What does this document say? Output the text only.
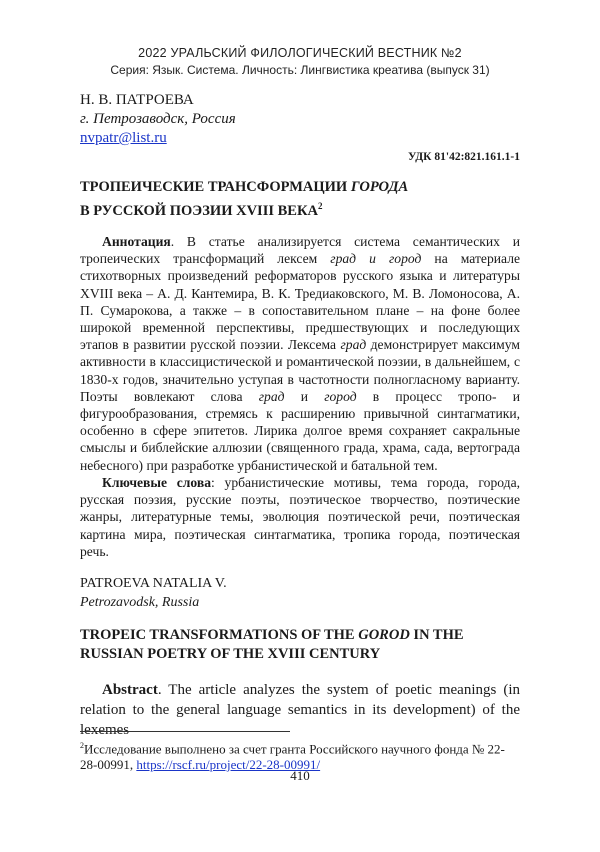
2022 УРАЛЬСКИЙ ФИЛОЛОГИЧЕСКИЙ ВЕСТНИК №2
Серия: Язык. Система. Личность: Лингвистика креатива (выпуск 31)
Н. В. ПАТРОЕВА
г. Петрозаводск, Россия
nvpatr@list.ru
УДК 81'42:821.161.1-1
ТРОПЕИЧЕСКИЕ ТРАНСФОРМАЦИИ ГОРОДА
В РУССКОЙ ПОЭЗИИ XVIII ВЕКА$^2$
Аннотация. В статье анализируется система семантических и тропеических трансформаций лексем град и город на материале стихотворных произведений реформаторов русского языка и литературы XVIII века – А. Д. Кантемира, В. К. Тредиаковского, М. В. Ломоносова, А. П. Сумарокова, а также – в сопоставительном плане – на фоне более широкой временной перспективы, предшествующих и последующих этапов в развитии русской поэзии. Лексема град демонстрирует максимум активности в классицистической и романтической поэзии, в дальнейшем, с 1830-х годов, значительно уступая в частотности полногласному варианту. Поэты вовлекают слова град и город в процесс тропо- и фигурообразования, стремясь к расширению привычной синтагматики, особенно в сфере эпитетов. Лирика долгое время сохраняет сакральные смыслы и библейские аллюзии (священного града, храма, сада, вертограда небесного) при разработке урбанистической и батальной тем.
Ключевые слова: урбанистические мотивы, тема города, города, русская поэзия, русские поэты, поэтическое творчество, поэтические жанры, литературные темы, эволюция поэтической речи, поэтическая картина мира, поэтическая синтагматика, тропика города, поэтическая речь.
PATROEVA NATALIA V.
Petrozavodsk, Russia
TROPEIC TRANSFORMATIONS OF THE GOROD IN THE RUSSIAN POETRY OF THE XVIII CENTURY
Abstract. The article analyzes the system of poetic meanings (in relation to the general language semantics in its development) of the lexemes
$^2$Исследование выполнено за счет гранта Российского научного фонда № 22-28-00991, https://rscf.ru/project/22-28-00991/
410
